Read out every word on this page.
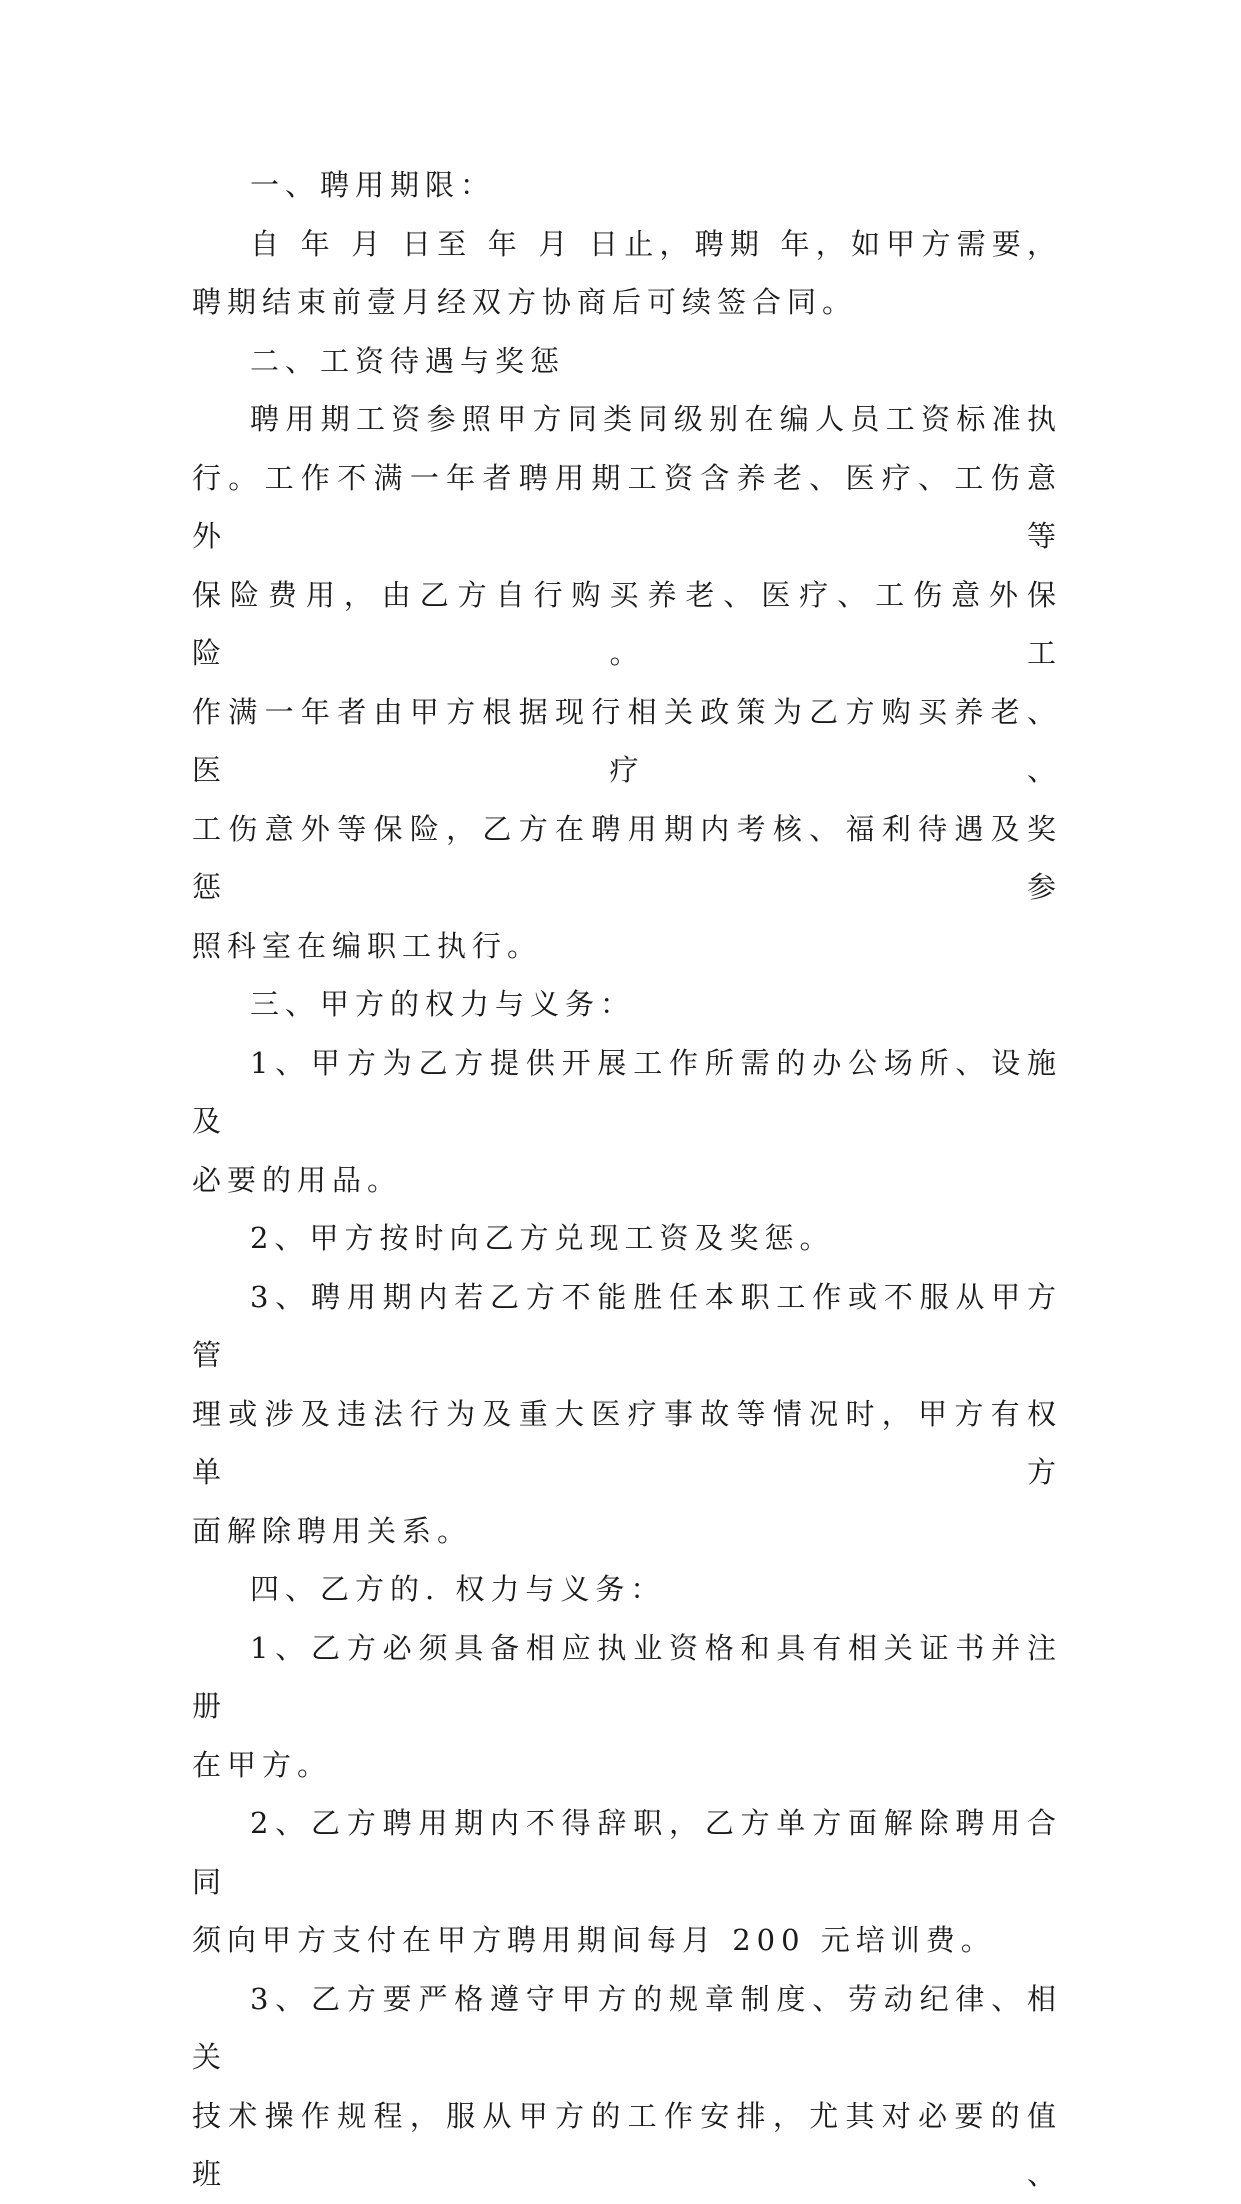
一、聘用期限：

自 年 月 日至 年 月 日止，聘期 年，如甲方需要，

聘期结束前壹月经双方协商后可续签合同。

二、工资待遇与奖惩

聘用期工资参照甲方同类同级别在编人员工资标准执

行。工作不满一年者聘用期工资含养老、医疗、工伤意外等

保险费用，由乙方自行购买养老、医疗、工伤意外保险。工

作满一年者由甲方根据现行相关政策为乙方购买养老、医疗、

工伤意外等保险，乙方在聘用期内考核、福利待遇及奖惩参

照科室在编职工执行。

三、甲方的权力与义务：

1、甲方为乙方提供开展工作所需的办公场所、设施及

必要的用品。

2、甲方按时向乙方兑现工资及奖惩。

3、聘用期内若乙方不能胜任本职工作或不服从甲方管

理或涉及违法行为及重大医疗事故等情况时，甲方有权单方

面解除聘用关系。

四、乙方的. 权力与义务：

1、乙方必须具备相应执业资格和具有相关证书并注册

在甲方。

2、乙方聘用期内不得辞职，乙方单方面解除聘用合同

须向甲方支付在甲方聘用期间每月 200 元培训费。

3、乙方要严格遵守甲方的规章制度、劳动纪律、相关

技术操作规程，服从甲方的工作安排，尤其对必要的值班、
